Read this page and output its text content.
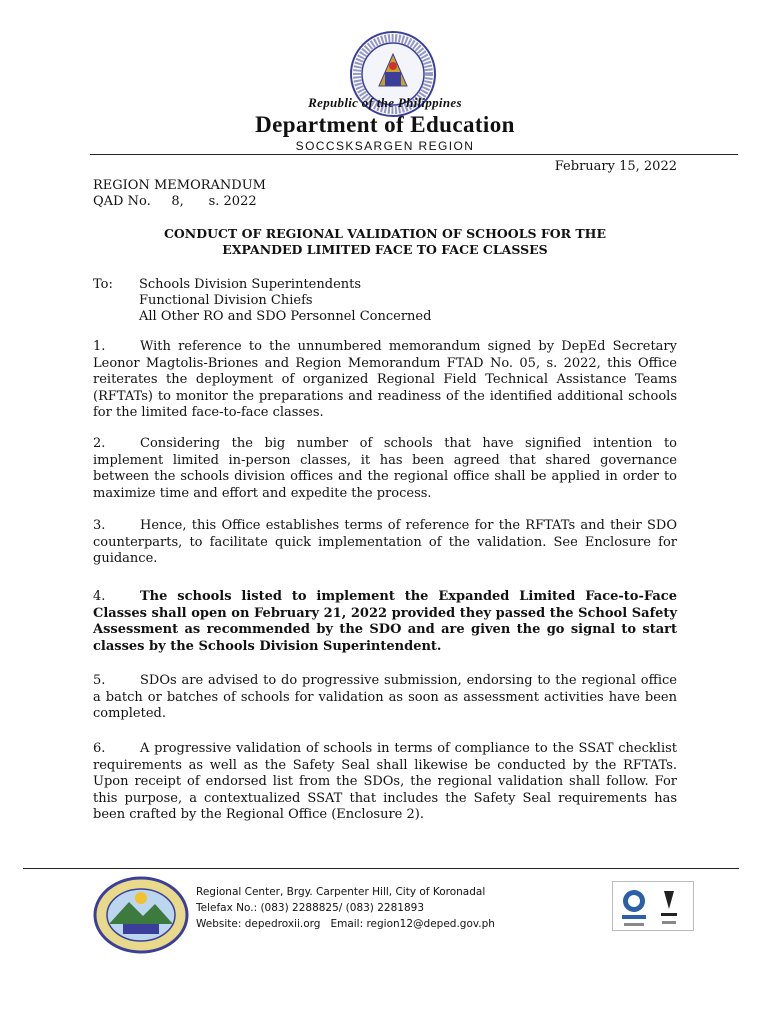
Republic of the Philippines
Department of Education
SOCCSKSARGEN REGION
February 15, 2022
REGION MEMORANDUM
QAD No. 8, s. 2022
CONDUCT OF REGIONAL VALIDATION OF SCHOOLS FOR THE
EXPANDED LIMITED FACE TO FACE CLASSES
To: Schools Division Superintendents
Functional Division Chiefs
All Other RO and SDO Personnel Concerned
1.	With reference to the unnumbered memorandum signed by DepEd Secretary Leonor Magtolis-Briones and Region Memorandum FTAD No. 05, s. 2022, this Office reiterates the deployment of organized Regional Field Technical Assistance Teams (RFTATs) to monitor the preparations and readiness of the identified additional schools for the limited face-to-face classes.
2.	Considering the big number of schools that have signified intention to implement limited in-person classes, it has been agreed that shared governance between the schools division offices and the regional office shall be applied in order to maximize time and effort and expedite the process.
3.	Hence, this Office establishes terms of reference for the RFTATs and their SDO counterparts, to facilitate quick implementation of the validation. See Enclosure for guidance.
4.	The schools listed to implement the Expanded Limited Face-to-Face Classes shall open on February 21, 2022 provided they passed the School Safety Assessment as recommended by the SDO and are given the go signal to start classes by the Schools Division Superintendent.
5.	SDOs are advised to do progressive submission, endorsing to the regional office a batch or batches of schools for validation as soon as assessment activities have been completed.
6.	A progressive validation of schools in terms of compliance to the SSAT checklist requirements as well as the Safety Seal shall likewise be conducted by the RFTATs. Upon receipt of endorsed list from the SDOs, the regional validation shall follow. For this purpose, a contextualized SSAT that includes the Safety Seal requirements has been crafted by the Regional Office (Enclosure 2).
Regional Center, Brgy. Carpenter Hill, City of Koronadal
Telefax No.: (083) 2288825/ (083) 2281893
Website: depedroxii.org   Email: region12@deped.gov.ph
